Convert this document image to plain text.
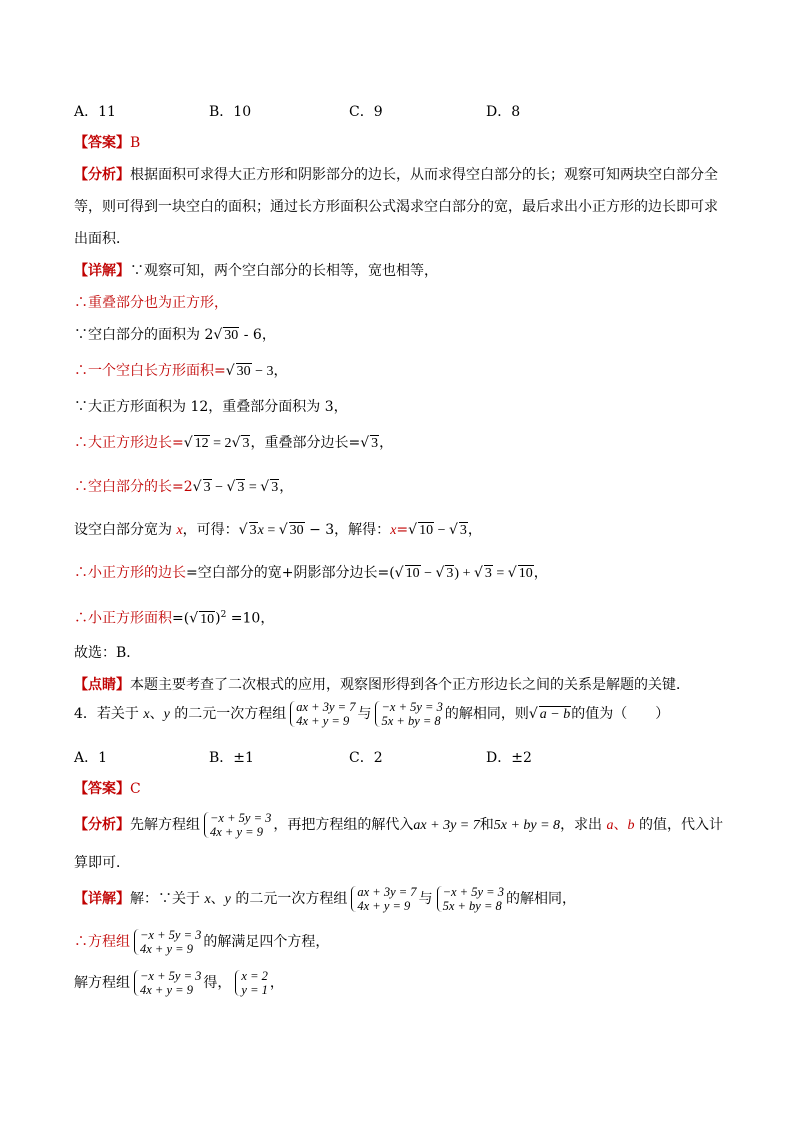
A．11	B．10	C．9	D．8
【答案】B
【分析】根据面积可求得大正方形和阴影部分的边长，从而求得空白部分的长；观察可知两块空白部分全
等，则可得到一块空白的面积；通过长方形面积公式渴求空白部分的宽，最后求出小正方形的边长即可求
出面积．
【详解】∵观察可知，两个空白部分的长相等，宽也相等，
∴重叠部分也为正方形，
∵空白部分的面积为 2√ 30 - 6，
∴一个空白长方形面积=√ 30 − 3，
∵大正方形面积为 12，重叠部分面积为 3，
∴大正方形边长=√ 12 = 2√ 3，重叠部分边长=√ 3，
∴空白部分的长=2√ 3 − √ 3 = √ 3，
设空白部分宽为 x，可得：√ 3x = √ 30 − 3，解得：x=√ 10 − √ 3，
∴小正方形的边长=空白部分的宽+阴影部分边长=(√ 10 − √ 3) + √ 3 = √ 10，
∴小正方形面积=(√ 10)$^2$ =10，
故选：B．
【点睛】本题主要考查了二次根式的应用，观察图形得到各个正方形边长之间的关系是解题的关键．
4．若关于 x、y 的二元一次方程组 ax + 3y = 7
4x + y = 9 与 −x + 5y = 3
5x + by = 8 的解相同，则√ a − b的值为（　　）
A．1	B．±1	C．2	D．±2
【答案】C
【分析】先解方程组 −x + 5y = 3
4x + y = 9 ，再把方程组的解代入ax + 3y = 7和5x + by = 8，求出 a、b 的值，代入计
算即可．
【详解】解：∵关于 x、y 的二元一次方程组 ax + 3y = 7
4x + y = 9 与 −x + 5y = 3
5x + by = 8 的解相同，
∴方程组 −x + 5y = 3
4x + y = 9 的解满足四个方程，
解方程组 −x + 5y = 3
4x + y = 9 得， x = 2
y = 1 ，
